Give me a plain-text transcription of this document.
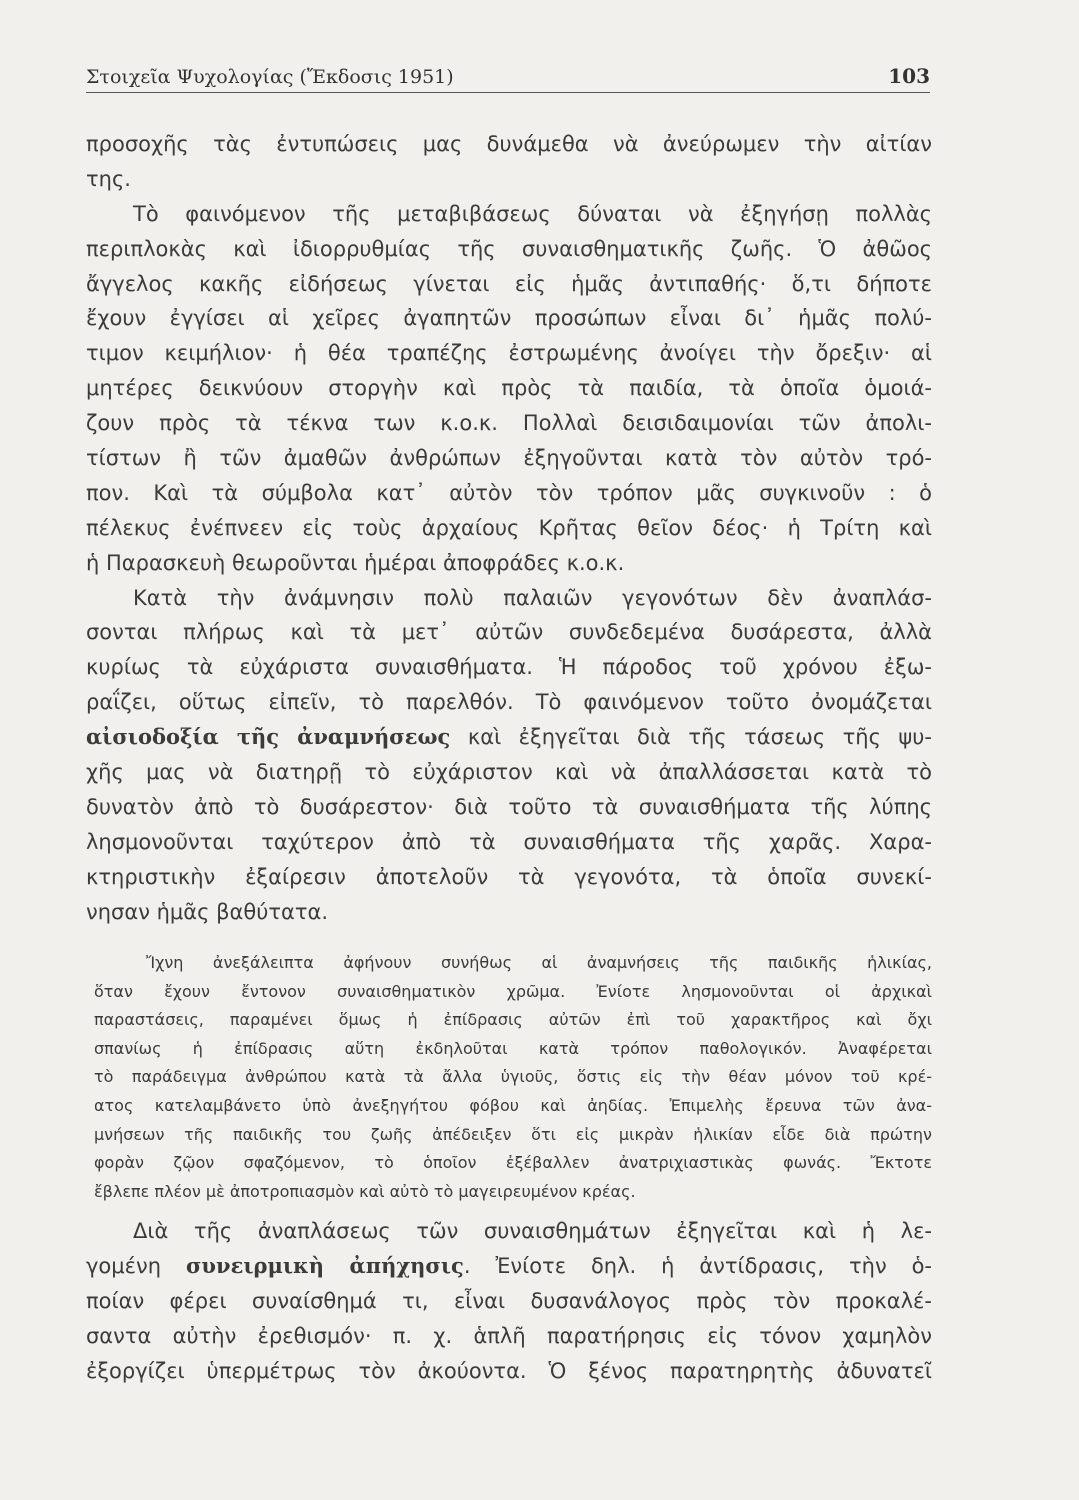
Στοιχεῖα Ψυχολογίας (Ἔκδοσις 1951)	103
προσοχῆς τὰς ἐντυπώσεις μας δυνάμεθα νὰ ἀνεύρωμεν τὴν αἰτίαν
της.
Τὸ φαινόμενον τῆς μεταβιβάσεως δύναται νὰ ἐξηγήσῃ πολλὰς
περιπλοκὰς καὶ ἰδιορρυθμίας τῆς συναισθηματικῆς ζωῆς. Ὁ ἀθῶος
ἄγγελος κακῆς εἰδήσεως γίνεται εἰς ἡμᾶς ἀντιπαθής· ὅ,τι δήποτε
ἔχουν ἐγγίσει αἱ χεῖρες ἀγαπητῶν προσώπων εἶναι δι᾿ ἡμᾶς πολύ-
τιμον κειμήλιον· ἡ θέα τραπέζης ἐστρωμένης ἀνοίγει τὴν ὄρεξιν· αἱ
μητέρες δεικνύουν στοργὴν καὶ πρὸς τὰ παιδία, τὰ ὁποῖα ὁμοιά-
ζουν πρὸς τὰ τέκνα των κ.ο.κ. Πολλαὶ δεισιδαιμονίαι τῶν ἀπολι-
τίστων ἢ τῶν ἀμαθῶν ἀνθρώπων ἐξηγοῦνται κατὰ τὸν αὐτὸν τρό-
πον. Καὶ τὰ σύμβολα κατ᾿ αὐτὸν τὸν τρόπον μᾶς συγκινοῦν : ὁ
πέλεκυς ἐνέπνεεν εἰς τοὺς ἀρχαίους Κρῆτας θεῖον δέος· ἡ Τρίτη καὶ
ἡ Παρασκευὴ θεωροῦνται ἡμέραι ἀποφράδες κ.ο.κ.
Κατὰ τὴν ἀνάμνησιν πολὺ παλαιῶν γεγονότων δὲν ἀναπλάσ-
σονται πλήρως καὶ τὰ μετ᾿ αὐτῶν συνδεδεμένα δυσάρεστα, ἀλλὰ
κυρίως τὰ εὐχάριστα συναισθήματα. Ἡ πάροδος τοῦ χρόνου ἐξω-
ραΐζει, οὕτως εἰπεῖν, τὸ παρελθόν. Τὸ φαινόμενον τοῦτο ὀνομάζεται
αἰσιοδοξία τῆς ἀναμνήσεως καὶ ἐξηγεῖται διὰ τῆς τάσεως τῆς ψυ-
χῆς μας νὰ διατηρῇ τὸ εὐχάριστον καὶ νὰ ἀπαλλάσσεται κατὰ τὸ
δυνατὸν ἀπὸ τὸ δυσάρεστον· διὰ τοῦτο τὰ συναισθήματα τῆς λύπης
λησμονοῦνται ταχύτερον ἀπὸ τὰ συναισθήματα τῆς χαρᾶς. Χαρα-
κτηριστικὴν ἐξαίρεσιν ἀποτελοῦν τὰ γεγονότα, τὰ ὁποῖα συνεκί-
νησαν ἡμᾶς βαθύτατα.
Ἴχνη ἀνεξάλειπτα ἀφήνουν συνήθως αἱ ἀναμνήσεις τῆς παιδικῆς ἡλικίας,
ὅταν ἔχουν ἔντονον συναισθηματικὸν χρῶμα. Ἐνίοτε λησμονοῦνται οἱ ἀρχικαὶ
παραστάσεις, παραμένει ὅμως ἡ ἐπίδρασις αὐτῶν ἐπὶ τοῦ χαρακτῆρος καὶ ὄχι
σπανίως ἡ ἐπίδρασις αὕτη ἐκδηλοῦται κατὰ τρόπον παθολογικόν. Ἀναφέρεται
τὸ παράδειγμα ἀνθρώπου κατὰ τὰ ἄλλα ὑγιοῦς, ὅστις εἰς τὴν θέαν μόνον τοῦ κρέ-
ατος κατελαμβάνετο ὑπὸ ἀνεξηγήτου φόβου καὶ ἀηδίας. Ἐπιμελὴς ἔρευνα τῶν ἀνα-
μνήσεων τῆς παιδικῆς του ζωῆς ἀπέδειξεν ὅτι εἰς μικρὰν ἡλικίαν εἶδε διὰ πρώτην
φορὰν ζῷον σφαζόμενον, τὸ ὁποῖον ἐξέβαλλεν ἀνατριχιαστικὰς φωνάς. Ἔκτοτε
ἔβλεπε πλέον μὲ ἀποτροπιασμὸν καὶ αὐτὸ τὸ μαγειρευμένον κρέας.
Διὰ τῆς ἀναπλάσεως τῶν συναισθημάτων ἐξηγεῖται καὶ ἡ λε-
γομένη συνειρμικὴ ἀπήχησις. Ἐνίοτε δηλ. ἡ ἀντίδρασις, τὴν ὁ-
ποίαν φέρει συναίσθημά τι, εἶναι δυσανάλογος πρὸς τὸν προκαλέ-
σαντα αὐτὴν ἐρεθισμόν· π. χ. ἁπλῆ παρατήρησις εἰς τόνον χαμηλὸν
ἐξοργίζει ὑπερμέτρως τὸν ἀκούοντα. Ὁ ξένος παρατηρητὴς ἀδυνατεῖ
